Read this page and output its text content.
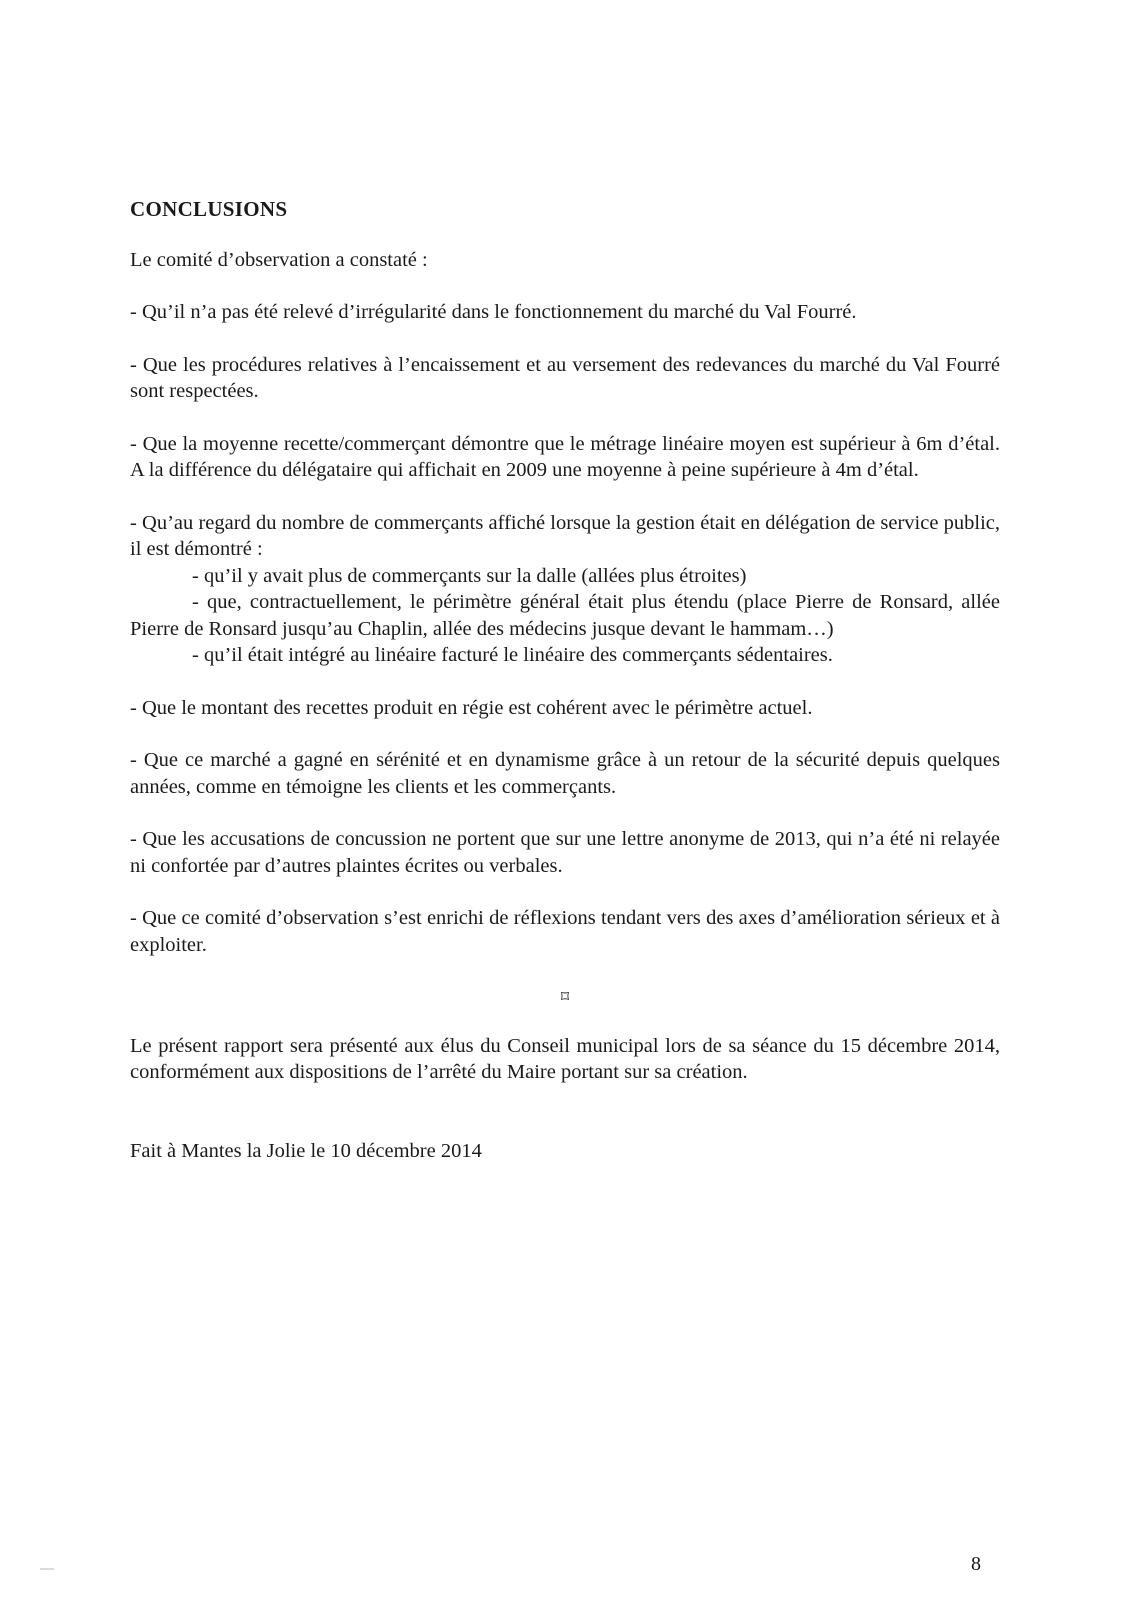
CONCLUSIONS

Le comité d’observation a constaté :

- Qu’il n’a pas été relevé d’irrégularité dans le fonctionnement du marché du Val Fourré.

- Que les procédures relatives à l’encaissement et au versement des redevances du marché du Val Fourré sont respectées.

- Que la moyenne recette/commerçant démontre que le métrage linéaire moyen est supérieur à 6m d’étal. A la différence du délégataire qui affichait en 2009 une moyenne à peine supérieure à 4m d’étal.

- Qu’au regard du nombre de commerçants affiché lorsque la gestion était en délégation de service public, il est démontré :
- qu’il y avait plus de commerçants sur la dalle (allées plus étroites)
- que, contractuellement, le périmètre général était plus étendu (place Pierre de Ronsard, allée Pierre de Ronsard jusqu’au Chaplin, allée des médecins jusque devant le hammam…)
- qu’il était intégré au linéaire facturé le linéaire des commerçants sédentaires.

- Que le montant des recettes produit en régie est cohérent avec le périmètre actuel.

- Que ce marché a gagné en sérénité et en dynamisme grâce à un retour de la sécurité depuis quelques années, comme en témoigne les clients et les commerçants.

- Que les accusations de concussion ne portent que sur une lettre anonyme de 2013, qui n’a été ni relayée ni confortée par d’autres plaintes écrites ou verbales.

- Que ce comité d’observation s’est enrichi de réflexions tendant vers des axes d’amélioration sérieux et à exploiter.

⌑

Le présent rapport sera présenté aux élus du Conseil municipal lors de sa séance du 15 décembre 2014, conformément aux dispositions de l’arrêté du Maire portant sur sa création.

Fait à Mantes la Jolie le 10 décembre 2014

8
